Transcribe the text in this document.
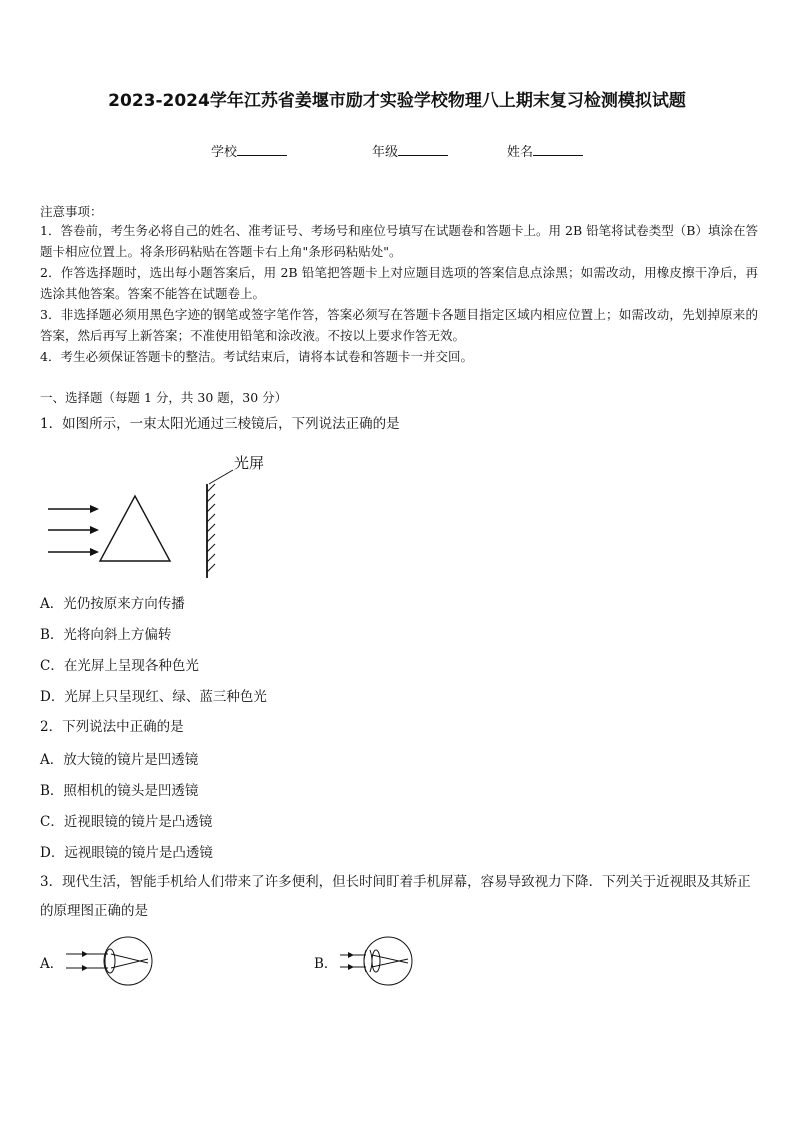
2023-2024学年江苏省姜堰市励才实验学校物理八上期末复习检测模拟试题
学校	年级	姓名
注意事项：
1．答卷前，考生务必将自己的姓名、准考证号、考场号和座位号填写在试题卷和答题卡上。用 2B 铅笔将试卷类型（B）填涂在答题卡相应位置上。将条形码粘贴在答题卡右上角"条形码粘贴处"。
2．作答选择题时，选出每小题答案后，用 2B 铅笔把答题卡上对应题目选项的答案信息点涂黑；如需改动，用橡皮擦干净后，再选涂其他答案。答案不能答在试题卷上。
3．非选择题必须用黑色字迹的钢笔或签字笔作答，答案必须写在答题卡各题目指定区域内相应位置上；如需改动，先划掉原来的答案，然后再写上新答案；不准使用铅笔和涂改液。不按以上要求作答无效。
4．考生必须保证答题卡的整洁。考试结束后，请将本试卷和答题卡一并交回。
一、选择题（每题 1 分，共 30 题，30 分）
1．如图所示，一束太阳光通过三棱镜后，下列说法正确的是
光屏
A．光仍按原来方向传播
B．光将向斜上方偏转
C．在光屏上呈现各种色光
D．光屏上只呈现红、绿、蓝三种色光
2．下列说法中正确的是
A．放大镜的镜片是凹透镜
B．照相机的镜头是凹透镜
C．近视眼镜的镜片是凸透镜
D．远视眼镜的镜片是凸透镜
3．现代生活，智能手机给人们带来了许多便利，但长时间盯着手机屏幕，容易导致视力下降．下列关于近视眼及其矫正的原理图正确的是
A．	B．
